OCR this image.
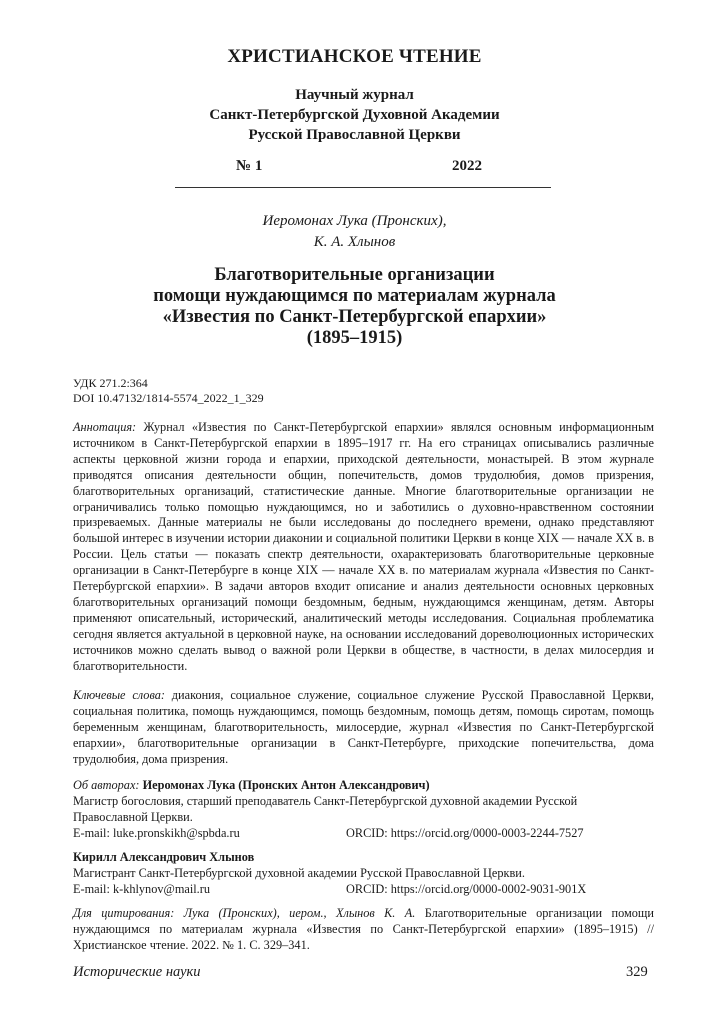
ХРИСТИАНСКОЕ ЧТЕНИЕ
Научный журнал
Санкт-Петербургской Духовной Академии
Русской Православной Церкви
№ 1	2022
Иеромонах Лука (Пронских),
К. А. Хлынов
Благотворительные организации
помощи нуждающимся по материалам журнала
«Известия по Санкт-Петербургской епархии»
(1895–1915)
УДК 271.2:364
DOI 10.47132/1814-5574_2022_1_329
Аннотация: Журнал «Известия по Санкт-Петербургской епархии» являлся основным информационным источником в Санкт-Петербургской епархии в 1895–1917 гг. На его страницах описывались различные аспекты церковной жизни города и епархии, приходской деятельности, монастырей. В этом журнале приводятся описания деятельности общин, попечительств, домов трудолюбия, домов призрения, благотворительных организаций, статистические данные. Многие благотворительные организации не ограничивались только помощью нуждающимся, но и заботились о духовно-нравственном состоянии призреваемых. Данные материалы не были исследованы до последнего времени, однако представляют большой интерес в изучении истории диаконии и социальной политики Церкви в конце XIX — начале XX в. в России. Цель статьи — показать спектр деятельности, охарактеризовать благотворительные церковные организации в Санкт-Петербурге в конце XIX — начале XX в. по материалам журнала «Известия по Санкт-Петербургской епархии». В задачи авторов входит описание и анализ деятельности основных церковных благотворительных организаций помощи бездомным, бедным, нуждающимся женщинам, детям. Авторы применяют описательный, исторический, аналитический методы исследования. Социальная проблематика сегодня является актуальной в церковной науке, на основании исследований дореволюционных исторических источников можно сделать вывод о важной роли Церкви в обществе, в частности, в делах милосердия и благотворительности.
Ключевые слова: диакония, социальное служение, социальное служение Русской Православной Церкви, социальная политика, помощь нуждающимся, помощь бездомным, помощь детям, помощь сиротам, помощь беременным женщинам, благотворительность, милосердие, журнал «Известия по Санкт-Петербургской епархии», благотворительные организации в Санкт-Петербурге, приходские попечительства, дома трудолюбия, дома призрения.
Об авторах: Иеромонах Лука (Пронских Антон Александрович)
Магистр богословия, старший преподаватель Санкт-Петербургской духовной академии Русской
Православной Церкви.
E-mail: luke.pronskikh@spbda.ru	ORCID: https://orcid.org/0000-0003-2244-7527
Кирилл Александрович Хлынов
Магистрант Санкт-Петербургской духовной академии Русской Православной Церкви.
E-mail: k-khlynov@mail.ru	ORCID: https://orcid.org/0000-0002-9031-901X
Для цитирования: Лука (Пронских), иером., Хлынов К. А. Благотворительные организации помощи нуждающимся по материалам журнала «Известия по Санкт-Петербургской епархии» (1895–1915) // Христианское чтение. 2022. № 1. С. 329–341.
Исторические науки	329
